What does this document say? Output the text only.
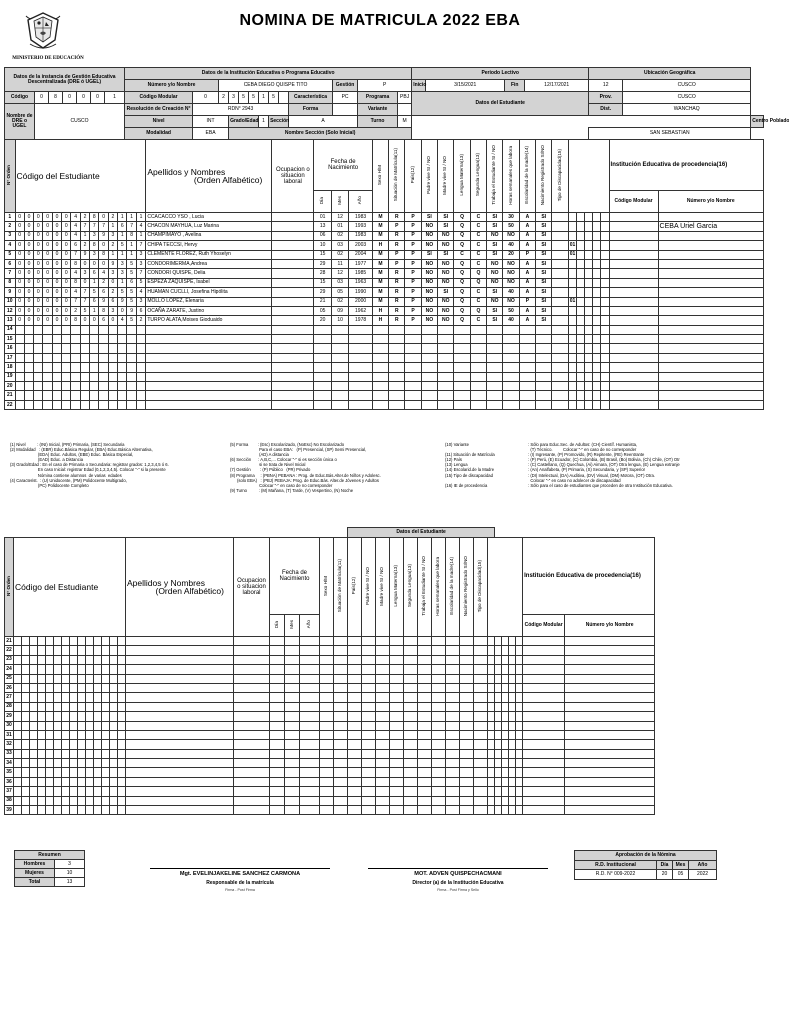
MINISTERIO DE EDUCACIÓN
NOMINA DE MATRICULA 2022 EBA
Datos de la instancia de Gestión Educativa Descentralizada (DRE ó UGEL)							Datos de la Institución Educativa o Programa Educativo													Periodo Lectivo				Ubicación Geográfica		
							Número y/o Nombre		CEBA DIEGO QUISPE TITO								Gestión	P		Inicio	3/15/2021	Fin	12/17/2021	12	CUSCO	
Código	0	8	0	0	0	1	Código Modular	0	2	3	5	5	1	5		Característica	PC	Programa	PBJ	Datos del Estudiante				Prov.	CUSCO	
Nombre de DRE o UGEL	CUSCO						Resolución de Creación N°	RDN° 2943								Forma		Variante						Dist.	WANCHAQ	
							Nivel	INT		Grado/Edad			1	Sección		A		Turno	M							Centro Poblado
							Modalidad	EBA		Nombre Sección (Solo Inicial)														SAN SEBASTIAN		
N° Orden	Código del Estudiante														Apellidos y Nombres
(Orden Alfabético)	Ocupacion o situacion laboral	Fecha de Nacimiento			Sexo H/M	Situación de Matrícula(11)	País(12)	Padre vive SI / NO	Madre vive SI / NO	Lengua Materna(13)	Segunda Lengua(13)	Trabaja el Estudiante SI / NO	Horas semanales que labora	Escolaridad de la madre(14)	Nacimiento Registrado SI/NO	Tipo de Discapacidad(15)						Institución Educativa de procedencia(16)	

																	Día	Mes	Año																		Código Modular	Número y/o Nombre
1	0	0	0	0	0	0	4	2	8	0	2	1	1	1	CCACACCO YSO , Lucia		01	12	1983	M	R	P	SI	SI	Q	C	SI	30	A	SI								
2	0	0	0	0	0	0	4	7	7	7	1	6	7	4	CHACON MAYHUA, Luz Marina		13	01	1993	M	P	P	NO	SI	Q	C	SI	50	A	SI								CEBA Uriel Garcia
3	0	0	0	0	0	0	4	1	3	9	3	1	8	1	CHAMPIMAYO , Avelina		06	02	1983	M	R	P	NO	NO	Q	C	NO	NO	A	SI								
4	0	0	0	0	0	0	6	2	8	0	2	5	1	7	CHIPA TECCSI, Hervy		10	03	2003	H	R	P	NO	NO	Q	C	SI	40	A	SI		01						
5	0	0	0	0	0	0	7	9	3	8	1	1	1	3	CLEMENTE FLOREZ, Ruth Yhoselyn		15	02	2004	M	P	P	SI	SI	C	C	SI	20	P	SI		01						
6	0	0	0	0	0	0	8	0	0	0	9	3	5	3	CONDORIMERMA,Andrea		29	11	1977	M	P	P	NO	NO	Q	C	NO	NO	A	SI								
7	0	0	0	0	0	0	4	3	6	4	3	3	5	7	CONDORI QUISPE, Delia		28	12	1985	M	R	P	NO	NO	Q	Q	NO	NO	A	SI								
8	0	0	0	0	0	0	8	0	1	2	0	1	6	5	ESPEZA ZAQUISPE, Isabel		15	03	1963	M	R	P	NO	NO	Q	Q	NO	NO	A	SI								
9	0	0	0	0	0	0	4	7	5	6	2	5	5	4	HUAMAN CUCLLI, Josefina Hipólita		29	05	1990	M	R	P	NO	SI	Q	C	SI	40	A	SI								
10	0	0	0	0	0	0	7	7	6	9	6	9	5	3	MOLLO LOPEZ, Elenaria		21	02	2000	M	R	P	NO	NO	Q	C	NO	NO	P	SI		01						
12	0	0	0	0	0	0	2	5	1	8	3	0	9	6	OCAÑA ZARATE, Justino		05	09	1962	H	R	P	NO	NO	Q	Q	SI	50	A	SI								
13	0	0	0	0	0	0	8	0	0	6	0	4	5	2	TURPO ALATA,Moises Gioduaido		20	10	1978	H	R	P	NO	NO	Q	C	SI	40	A	SI								
14																																						
15																																						
16																																						
17																																						
18																																						
19																																						
20																																						
21																																						
22																																						
(1) Nivel          : (INI) Inicial, (PRI) Primaria, (SEC) Secundaria
(2) Modalidad   : (EBR) Educ.Básica Regular, (EBA) Educ.Básica Alternativa,
(EDA) Educ. Adultos, (EBE) Educ. Básica Especial,
(EAD) Educ. a Distancia
(3) Grado/Edad : En el caso de Primaria o Secundaria: registrar grados: 1,2,3,4,5 ó 6.
En caso Inicial: registrar Edad (0,1,2,3,4,5). Colocar "-" si la presente
Nómina contiene alumnos  de varias  edades
(4) Caracterist.  : (U) Unidocente, (PM) Polidocente Multigrado,
(PC) Polidocente Completo
(5) Forma        : (Esc) Escolarizado, (NoEsc) No Escolarizado
Para el caso EBA:   (P) Presencial, (SP) Semi Presencial,
(AD) A distancia
(6) Sección      : A,B,C,... Colocar "-" si es sección única o
si se trata de Nivel Inicial
(7) Gestión        : (P) Público   (PR) Privado
(8) Programa     : (PBNA) PEBANA : Prog. de Educ.Bás.Alter.de Niños y Adolesc.
(solo EBA)   : (PBJ) PEBAJA: Prog. de Educ.Bás. Alter.de Jóvenes y Adultos
Colocar "-" en caso de no corresponder
(9) Turno          : (M) Mañana, (T) Tarde, (V) Vespertino, (N) Noche
(10) Variante
(11) Situación de Matrícula
(12) País
(13) Lengua
(14) Escolarid.de la Madre
(15) Tipo de discapacidad
(16) IE de procedencia
: Sólo para Educ.Sec. de Adultos: (CH) Científ. Humanista,
(T) Técnico.         Colocar "-" en caso de no corresponder
: (I) Ingresante, (P) Promovido, (R) Repitente, (RE) Reentrante
: (P) Perú, (E) Ecuador, (C) Colombia, (B) Brasil, (Bo) Bolivia, (Ch) Chile, (OT) Otr
: (C) Castellano, (Q) Quechua, (Ai) Aimara, (OT) Otra lengua, (E) Lengua extranje
: (An) Analfabeta, (P) Primaria, (S) Secundaria, y (SP) Superior
: (DI) Intelectual, (DA) Auditiva, (DV) Visual, (DM) Motora, (OT) Otra.
Colocar "-" en caso no adolecer de discapacidad
: Sólo para el caso de estudiantes que proceden de otra Institución Educativa.
																						Datos del Estudiante																
N° Orden	Código del Estudiante														Apellidos y Nombres
(Orden Alfabético)	Ocupacion o situacion laboral	Fecha de Nacimiento			Sexo H/M	Situación de Matrícula(11)	País(12)	Padre vive SI / NO	Madre vive SI / NO	Lengua Materna(13)	Segunda Lengua(13)	Trabaja el Estudiante SI / NO	Horas semanales que labora	Escolaridad de la madre(14)	Nacimiento Registrado SI/NO	Tipo de Discapacidad(15)						Institución Educativa de procedencia(16)	

																	Día	Mes	Año																		Código Modular	Número y/o Nombre
21																																						
22																																						
23																																						
24																																						
25																																						
26																																						
27																																						
28																																						
29																																						
30																																						
31																																						
32																																						
33																																						
34																																						
35																																						
36																																						
37																																						
38																																						
39																																						
Resumen	
Hombres	3
Mujeres	10
Total	13
Mgt. EVELINJAKELINE SANCHEZ CARMONA
Responsable de la matrícula
Firma - Post Firma
MOT. ADVEN QUISPECHACMANI
Director (a) de la Institución Educativa
Firma - Post Firma y Sello
Aprobación de la Nómina			
R.D. Institucional	Día	Mes	Año
R.D. N° 009-2022	20	05	2022
